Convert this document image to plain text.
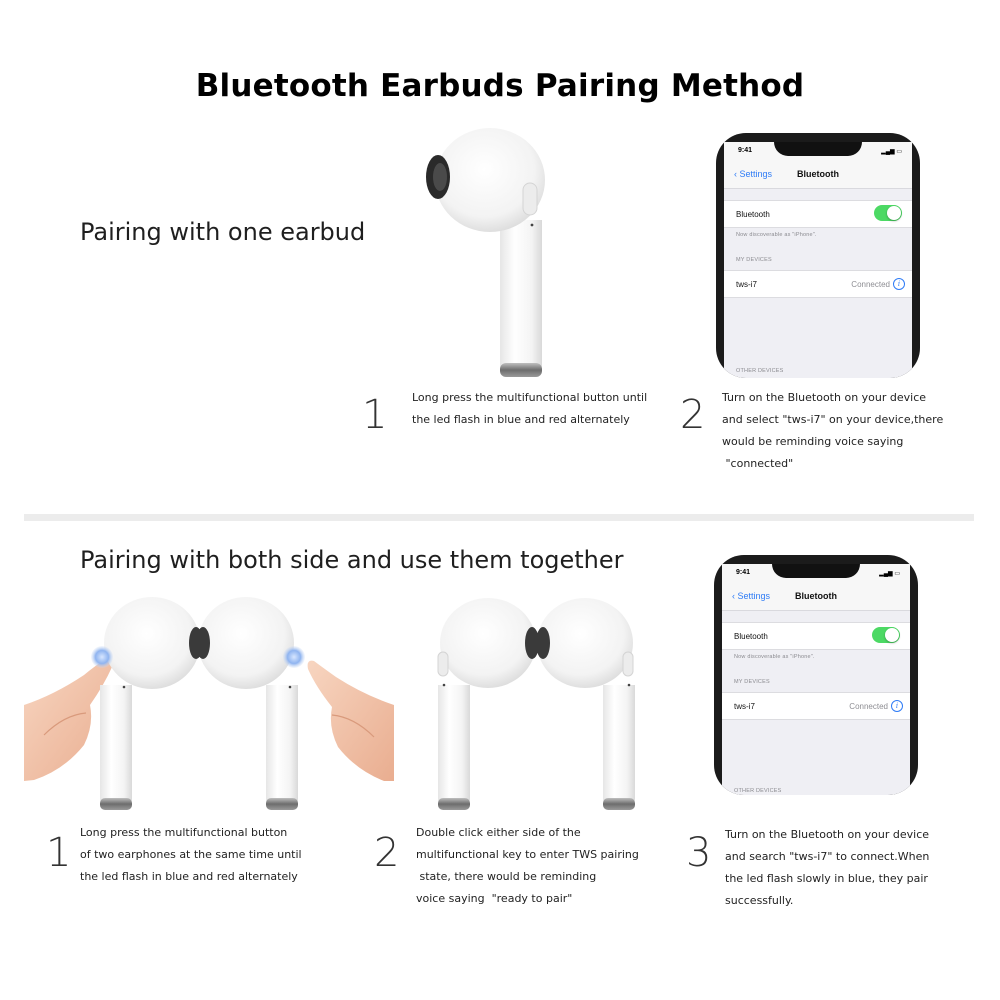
Bluetooth Earbuds Pairing Method
Pairing with one earbud
9:41	▂▄▆ ▭
‹ Settings	Bluetooth
Bluetooth
Now discoverable as "iPhone".
MY DEVICES
tws-i7	Connected	i
OTHER DEVICES
1 Long press the multifunctional button until
the led flash in blue and red alternately	2 Turn on the Bluetooth on your device
and select "tws-i7" on your device,there
would be reminding voice saying
"connected"
Pairing with both side and use them together	9:41	▂▄▆ ▭
‹ Settings	Bluetooth
Bluetooth
Now discoverable as "iPhone".
MY DEVICES
tws-i7	Connected	i
OTHER DEVICES
1 Long press the multifunctional button
of two earphones at the same time until
the led flash in blue and red alternately
2 Double click either side of the
multifunctional key to enter TWS pairing
state, there would be reminding
voice saying  "ready to pair"
3 Turn on the Bluetooth on your device
and search "tws-i7" to connect.When
the led flash slowly in blue, they pair
successfully.
